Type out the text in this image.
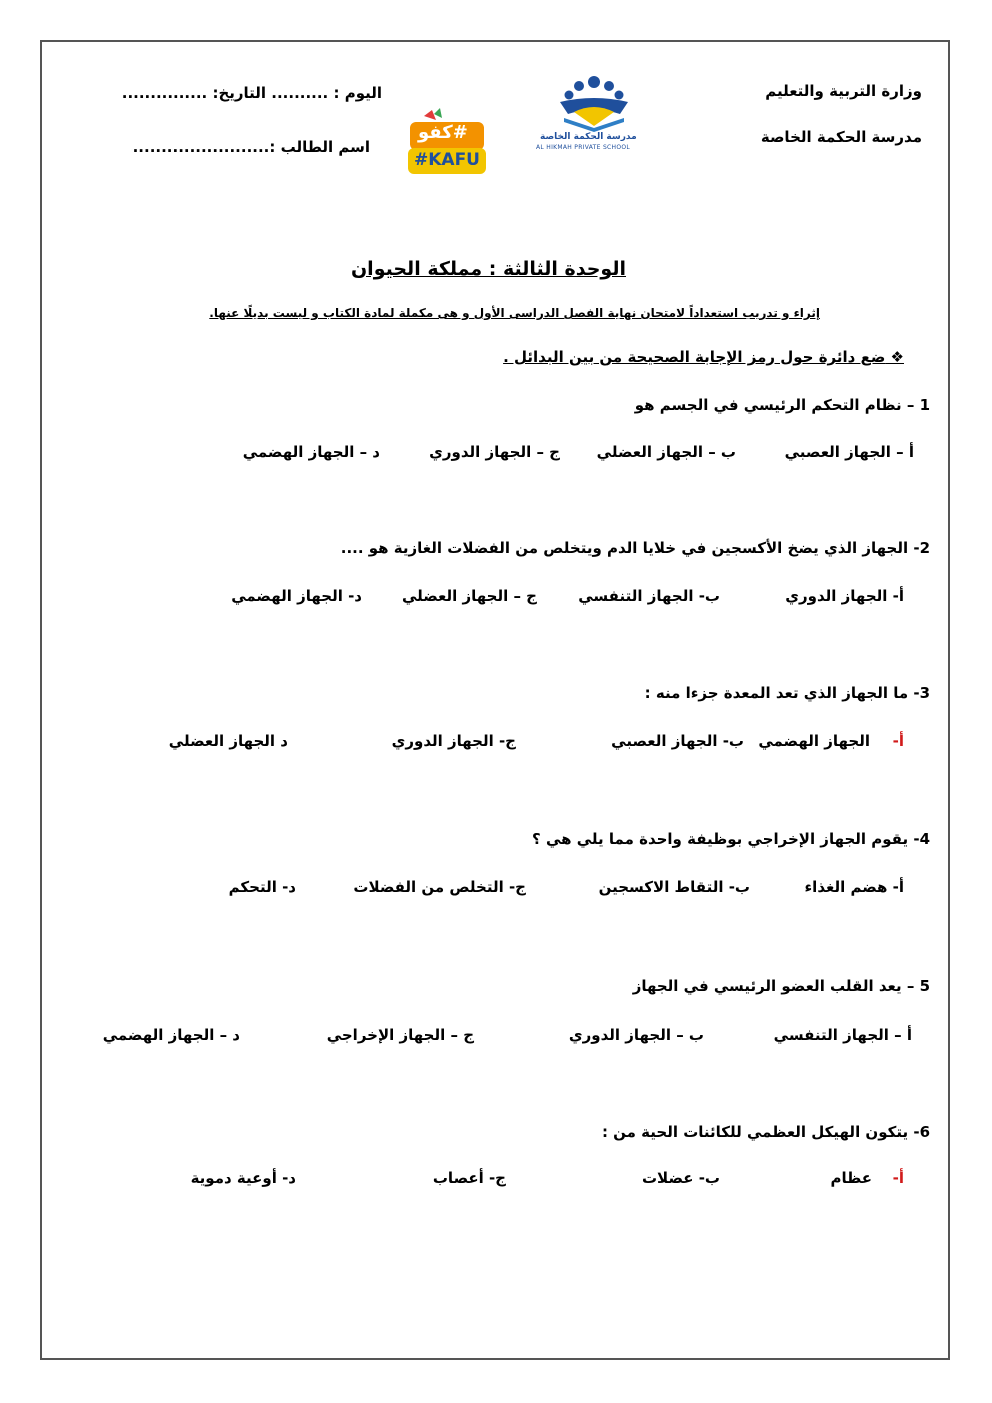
وزارة التربية والتعليم
مدرسة الحكمة الخاصة
اليوم : .......... التاريخ: ...............
اسم الطالب :........................
مدرسة الحكمة الخاصة
AL HIKMAH PRIVATE SCHOOL
#كفو
#KAFU
الوحدة الثالثة : مملكة الحيوان
إثراء و تدريب استعداداً لامتحان نهاية الفصل الدراسى الأول و هى مكملة لمادة الكتاب و ليست بديلًا عنها.
❖ ضع دائرة حول رمز الإجابة الصحيحة من بين البدائل .
1 – نظام التحكم الرئيسي في الجسم هو
أ – الجهاز العصبي
ب – الجهاز العضلي
ج – الجهاز الدوري
د – الجهاز الهضمي
2- الجهاز الذي يضخ الأكسجين في خلايا الدم ويتخلص من الفضلات الغازية هو ....
أ- الجهاز الدوري
ب- الجهاز التنفسي
ج – الجهاز العضلي
د- الجهاز الهضمي
3- ما الجهاز الذي تعد المعدة جزءا منه :
أ-
الجهاز الهضمي
ب- الجهاز العصبي
ج- الجهاز الدوري
د الجهاز العضلي
4- يقوم الجهاز الإخراجي بوظيفة واحدة مما يلي هي ؟
أ- هضم الغذاء
ب- التقاط الاكسجين
ج- التخلص من الفضلات
د- التحكم
5 – يعد القلب العضو الرئيسي في الجهاز
أ – الجهاز التنفسي
ب – الجهاز الدوري
ج – الجهاز الإخراجي
د – الجهاز الهضمي
6- يتكون الهيكل العظمي للكائنات الحية من :
أ-
عظام
ب- عضلات
ج- أعصاب
د- أوعية دموية
